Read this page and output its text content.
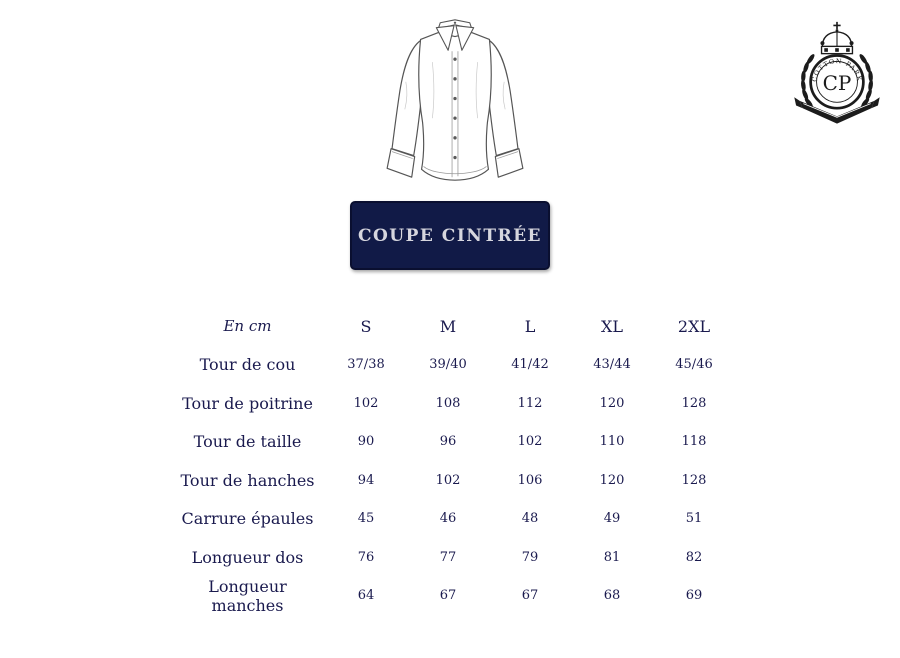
COTTON PARK
CP
COUPE CINTRÉE
En cm	S	M	L	XL	2XL
Tour de cou	37/38	39/40	41/42	43/44	45/46
Tour de poitrine	102	108	112	120	128
Tour de taille	90	96	102	110	118
Tour de hanches	94	102	106	120	128
Carrure épaules	45	46	48	49	51
Longueur dos	76	77	79	81	82
Longueur manches	64	67	67	68	69
